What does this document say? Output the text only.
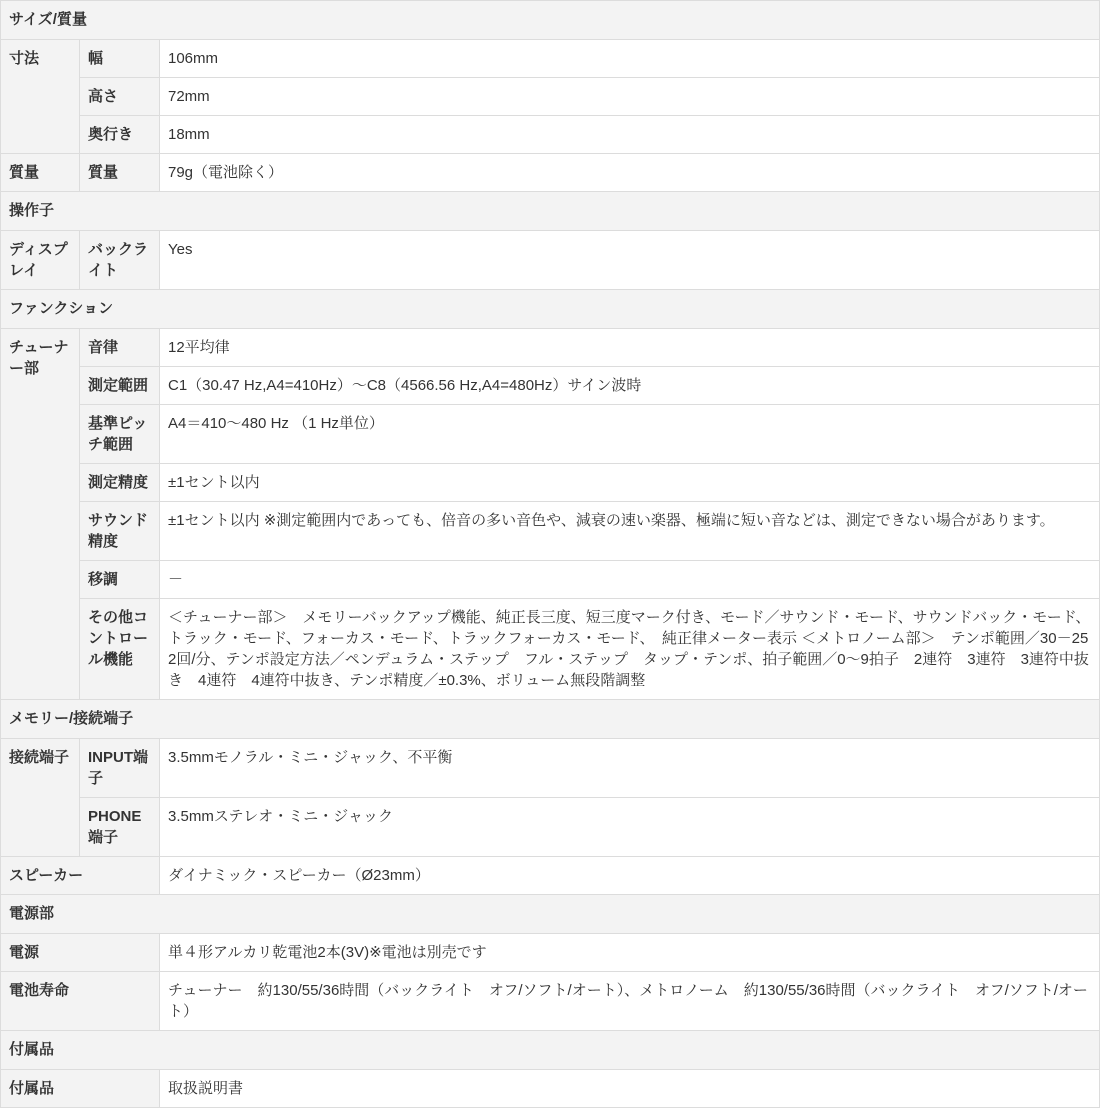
サイズ/質量		
寸法	幅	106mm
	高さ	72mm
	奥行き	18mm
質量	質量	79g（電池除く）
操作子		
ディスプレイ	バックライト	Yes
ファンクション		
チューナー部	音律	12平均律
	測定範囲	C1（30.47 Hz,A4=410Hz）～C8（4566.56 Hz,A4=480Hz）サイン波時
	基準ピッチ範囲	A4＝410～480 Hz （1 Hz単位）
	測定精度	±1セント以内
	サウンド精度	±1セント以内 ※測定範囲内であっても、倍音の多い音色や、減衰の速い楽器、極端に短い音などは、測定できない場合があります。
	移調	－
	その他コントロール機能	＜チューナー部＞　メモリーバックアップ機能、純正長三度、短三度マーク付き、モード／サウンド・モード、サウンドバック・モード、トラック・モード、フォーカス・モード、トラックフォーカス・モード、　純正律メーター表示 ＜メトロノーム部＞　テンポ範囲／30－252回/分、テンポ設定方法／ペンデュラム・ステップ　フル・ステップ　タップ・テンポ、拍子範囲／0～9拍子　2連符　3連符　3連符中抜き　4連符　4連符中抜き、テンポ精度／±0.3%、ボリューム無段階調整
メモリー/接続端子		
接続端子	INPUT端子	3.5mmモノラル・ミニ・ジャック、不平衡
	PHONE端子	3.5mmステレオ・ミニ・ジャック
スピーカー		ダイナミック・スピーカー（Ø23mm）
電源部		
電源		単４形アルカリ乾電池2本(3V)※電池は別売です
電池寿命		チューナー　約130/55/36時間（バックライト　オフ/ソフト/オート）、メトロノーム　約130/55/36時間（バックライト　オフ/ソフト/オート）
付属品		
付属品		取扱説明書
